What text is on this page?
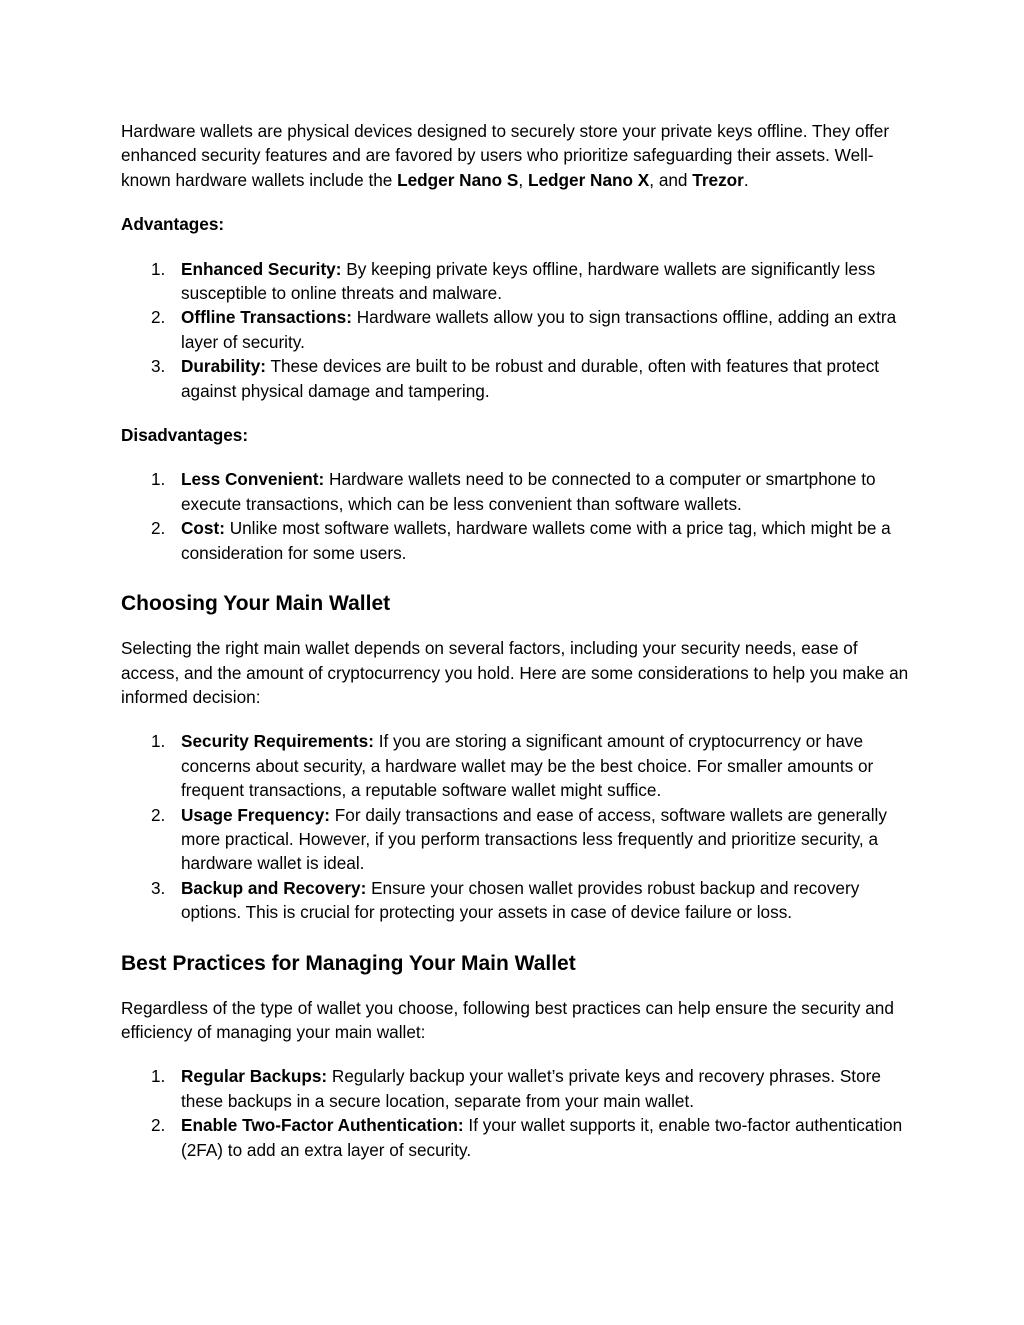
Hardware wallets are physical devices designed to securely store your private keys offline. They offer enhanced security features and are favored by users who prioritize safeguarding their assets. Well-known hardware wallets include the Ledger Nano S, Ledger Nano X, and Trezor.

Advantages:

1. Enhanced Security: By keeping private keys offline, hardware wallets are significantly less susceptible to online threats and malware.
2. Offline Transactions: Hardware wallets allow you to sign transactions offline, adding an extra layer of security.
3. Durability: These devices are built to be robust and durable, often with features that protect against physical damage and tampering.

Disadvantages:

1. Less Convenient: Hardware wallets need to be connected to a computer or smartphone to execute transactions, which can be less convenient than software wallets.
2. Cost: Unlike most software wallets, hardware wallets come with a price tag, which might be a consideration for some users.
Choosing Your Main Wallet

Selecting the right main wallet depends on several factors, including your security needs, ease of access, and the amount of cryptocurrency you hold. Here are some considerations to help you make an informed decision:

1. Security Requirements: If you are storing a significant amount of cryptocurrency or have concerns about security, a hardware wallet may be the best choice. For smaller amounts or frequent transactions, a reputable software wallet might suffice.
2. Usage Frequency: For daily transactions and ease of access, software wallets are generally more practical. However, if you perform transactions less frequently and prioritize security, a hardware wallet is ideal.
3. Backup and Recovery: Ensure your chosen wallet provides robust backup and recovery options. This is crucial for protecting your assets in case of device failure or loss.
Best Practices for Managing Your Main Wallet

Regardless of the type of wallet you choose, following best practices can help ensure the security and efficiency of managing your main wallet:

1. Regular Backups: Regularly backup your wallet’s private keys and recovery phrases. Store these backups in a secure location, separate from your main wallet.
2. Enable Two-Factor Authentication: If your wallet supports it, enable two-factor authentication (2FA) to add an extra layer of security.
